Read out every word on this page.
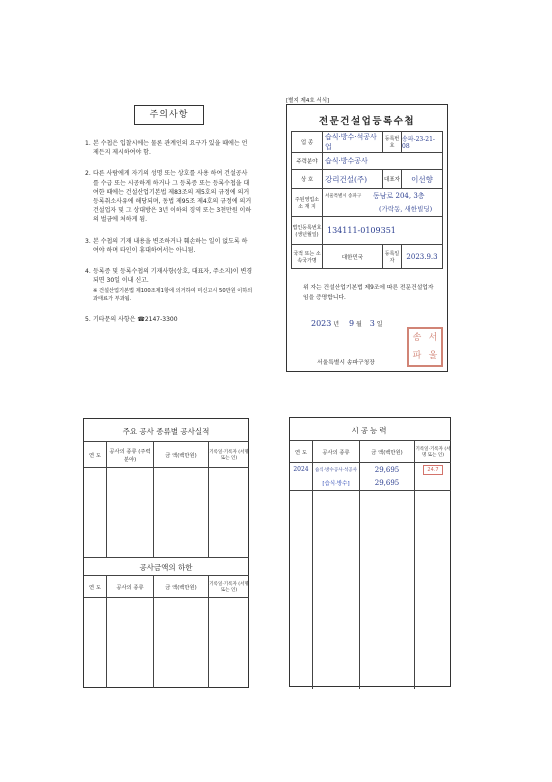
주의사항
1. 본 수첩은 입찰시에는 물론 관계인의 요구가 있을 때에는 언제든지 제시하여야 함.
2. 다른 사람에게 자기의 성명 또는 상호를 사용 하여 건설공사를 수급 또는 시공하게 하거나 그 등록증 또는 등록수첩을 대여한 때에는 건설산업기본법 제83조의 제5호의 규정에 의거 등록취소사유에 해당되며, 동법 제95조 제4호의 규정에 의거 건설업자 및 그 상대방은 3년 이하의 징역 또는 3천만원 이하의 벌금에 처하게 됨.
3. 본 수첩의 기재 내용을 변조하거나 훼손하는 일이 없도록 하여야 하며 타인이 휴대하여서는 아니됨.
4. 등록증 및 등록수첩의 기재사항(상호, 대표자, 주소지)이 변경되면 30일 이내 신고.
※ 건설산업기본법 제100조제1항에 의거하여 미신고시 50만원 이하의 과태료가 부과됨.
5. 기타문의 사항은 ☎2147-3300
[별지 제4호 서식]
전문건설업등록수첩
업 종	습식·방수·석공사업	등록번호	송파-23-21-08
주력분야	습식·방수공사		
상 호	강리건설(주)	대표자	이선향
주된영업소 소 재 지	서울특별시 송파구 동남로 204, 3층
(가락동, 새한빌딩)		

법인등록번호 (생년월일)	134111-0109351		
국적 또는 소속국가명	대한민국	등록일자	2023.9.3
위 자는 건설산업기본법 제9조에 따른 전문건설업자임을 증명합니다.
2023 년 9 월 3 일
서울특별시 송파구청장
송 서
파 울
주요 공사 종류별 공사실적
연 도	공사의 종류 (주력분야)	금 액(백만원)	기록일·기록자 (서명 또는 인)

공사금액의 하한
연 도	공사의 종류	금 액(백만원)	기록일·기록자 (서명 또는 인)

시공능력
연 도	공사의 종류	금 액(백만원)	기록일·기록자 (서명 또는 인)
2024	습식·방수공사·석공사	29,695	24.7
	[습식·방수]	29,695	
